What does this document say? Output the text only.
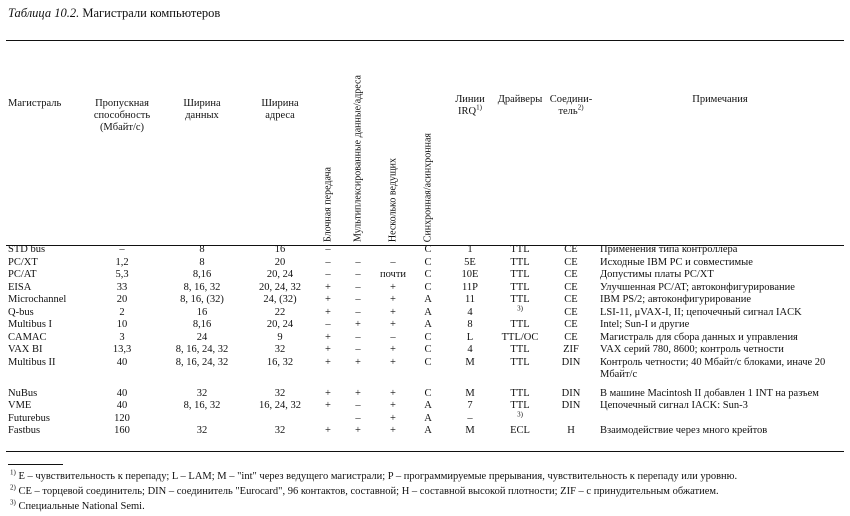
Таблица 10.2. Магистрали компьютеров
Магистраль	Пропускная способность (Мбайт/с)	Ширина данных	Ширина адреса	Блочная передача	Мультиплексированные данные/адреса	Несколько ведущих	Синхронная/асинхронная	Линии IRQ$^{1)}$	Драйверы	Соедини-тель$^{2)}$	Примечания

STD bus	–	8	16	–			C	1	TTL	CE	Применения типа контроллера
PC/XT	1,2	8	20	–	–	–	C	5E	TTL	CE	Исходные IBM PC и совместимые
PC/AT	5,3	8,16	20, 24	–	–	почти	C	10E	TTL	CE	Допустимы платы PC/XT
EISA	33	8, 16, 32	20, 24, 32	+	–	+	C	11P	TTL	CE	Улучшенная PC/AT; автоконфигурирование
Microchannel	20	8, 16, (32)	24, (32)	+	–	+	A	11	TTL	CE	IBM PS/2; автоконфигурирование
Q-bus	2	16	22	+	–	+	A	4	$^{3)}$	CE	LSI-11, μVAX-I, II; цепочечный сигнал IACK
Multibus I	10	8,16	20, 24	–	+	+	A	8	TTL	CE	Intel; Sun-I и другие
CAMAC	3	24	9	+	–	–	C	L	TTL/OC	CE	Магистраль для сбора данных и управления
VAX BI	13,3	8, 16, 24, 32	32	+	–	+	C	4	TTL	ZIF	VAX серий 780, 8600; контроль четности
Multibus II	40	8, 16, 24, 32	16, 32	+	+	+	C	M	TTL	DIN	Контроль четности; 40 Мбайт/с блоками, иначе 20 Мбайт/с

NuBus	40	32	32	+	+	+	C	M	TTL	DIN	В машине Macintosh II добавлен 1 INT на разъем
VME	40	8, 16, 32	16, 24, 32	+	–	+	A	7	TTL	DIN	Цепочечный сигнал IACK: Sun-3
Futurebus	120				–	+	A	–	$^{3)}$		
Fastbus	160	32	32	+	+	+	A	M	ECL	H	Взаимодействие через много крейтов
$^{1)}$ E – чувствительность к перепаду; L – LAM; M – "int" через ведущего магистрали; P – программируемые прерывания, чувствительность к перепаду или уровню.
$^{2)}$ CE – торцевой соединитель; DIN – соединитель "Eurocard", 96 контактов, составной; H – составной высокой плотности; ZIF – с принудительным обжатием.
$^{3)}$ Специальные National Semi.
